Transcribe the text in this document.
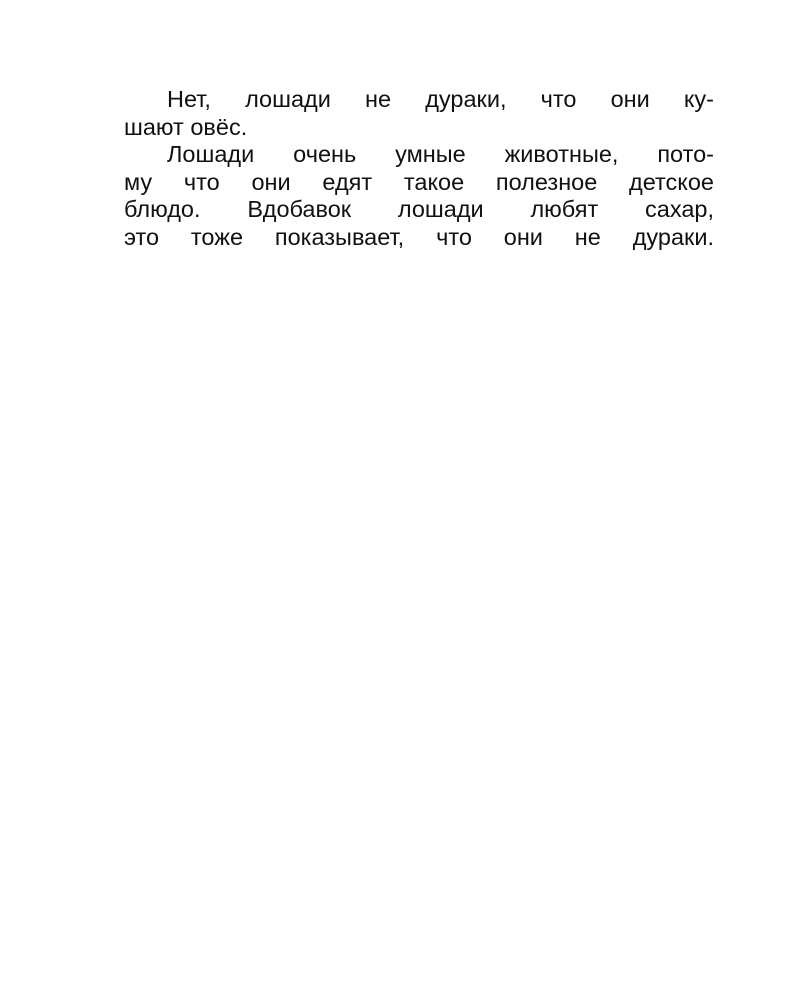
Нет, лошади не дураки, что они ку-
шают овёс.
Лошади очень умные животные, пото-
му что они едят такое полезное детское
блюдо. Вдобавок лошади любят сахар,
это тоже показывает, что они не дураки.
